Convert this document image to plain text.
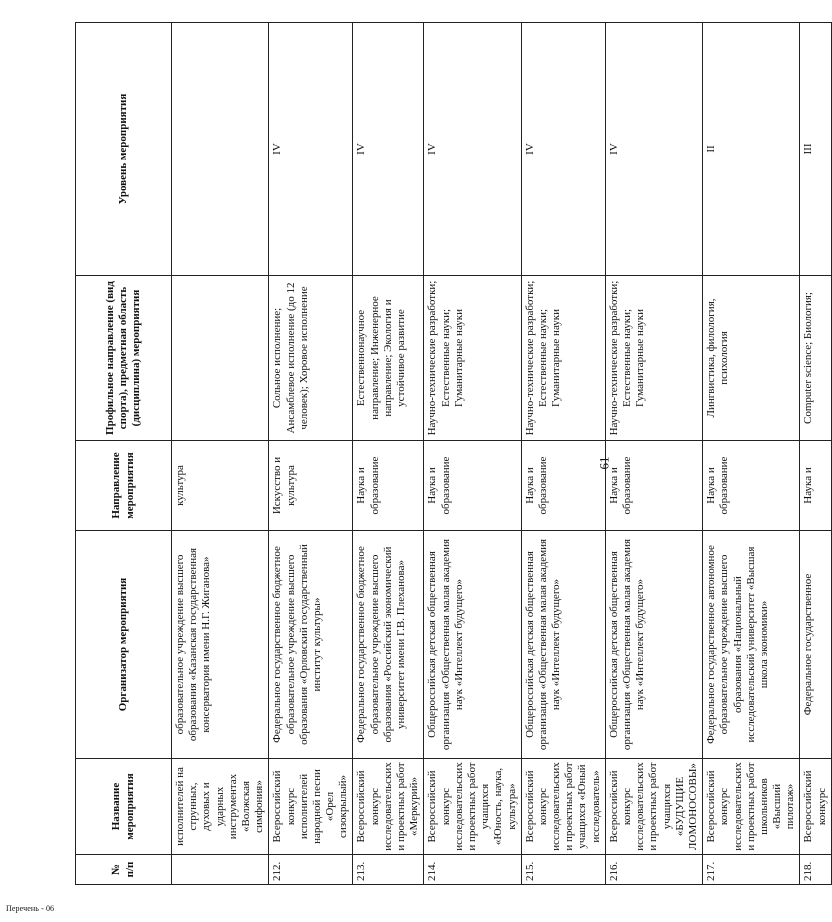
61
№ п/п	Название мероприятия	Организатор мероприятия	Направление мероприятия	Профильное направление (вид спорта), предметная область (дисциплина) мероприятия	Уровень мероприятия
	исполнителей на струнных, духовых и ударных инструментах «Волжская симфония»	образовательное учреждение высшего образования «Казанская государственная консерватория имени Н.Г. Жиганова»	культура		
212.	Всероссийский конкурс исполнителей народной песни «Орел сизокрылый»	Федеральное государственное бюджетное образовательное учреждение высшего образования «Орловский государственный институт культуры»	Искусство и культура	Сольное исполнение; Ансамблевое исполнение (до 12 человек); Хоровое исполнение	IV
213.	Всероссийский конкурс исследовательских и проектных работ «Меркурий»	Федеральное государственное бюджетное образовательное учреждение высшего образования «Российский экономический университет имени Г.В. Плеханова»	Наука и образование	Естественнонаучное направление; Инженерное направление; Экология и устойчивое развитие	IV
214.	Всероссийский конкурс исследовательских и проектных работ учащихся «Юность, наука, культура»	Общероссийская детская общественная организация «Общественная малая академия наук «Интеллект будущего»	Наука и образование	Научно-технические разработки; Естественные науки; Гуманитарные науки	IV
215.	Всероссийский конкурс исследовательских и проектных работ учащихся «Юный исследователь»	Общероссийская детская общественная организация «Общественная малая академия наук «Интеллект будущего»	Наука и образование	Научно-технические разработки; Естественные науки; Гуманитарные науки	IV
216.	Всероссийский конкурс исследовательских и проектных работ учащихся «БУДУЩИЕ ЛОМОНОСОВЫ»	Общероссийская детская общественная организация «Общественная малая академия наук «Интеллект будущего»	Наука и образование	Научно-технические разработки; Естественные науки; Гуманитарные науки	IV
217.	Всероссийский конкурс исследовательских и проектных работ школьников «Высший пилотаж»	Федеральное государственное автономное образовательное учреждение высшего образования «Национальный исследовательский университет «Высшая школа экономики»	Наука и образование	Лингвистика, филология, психология	II
218.	Всероссийский конкурс	Федеральное государственное	Наука и	Computer science; Биология;	III
Перечень - 06
